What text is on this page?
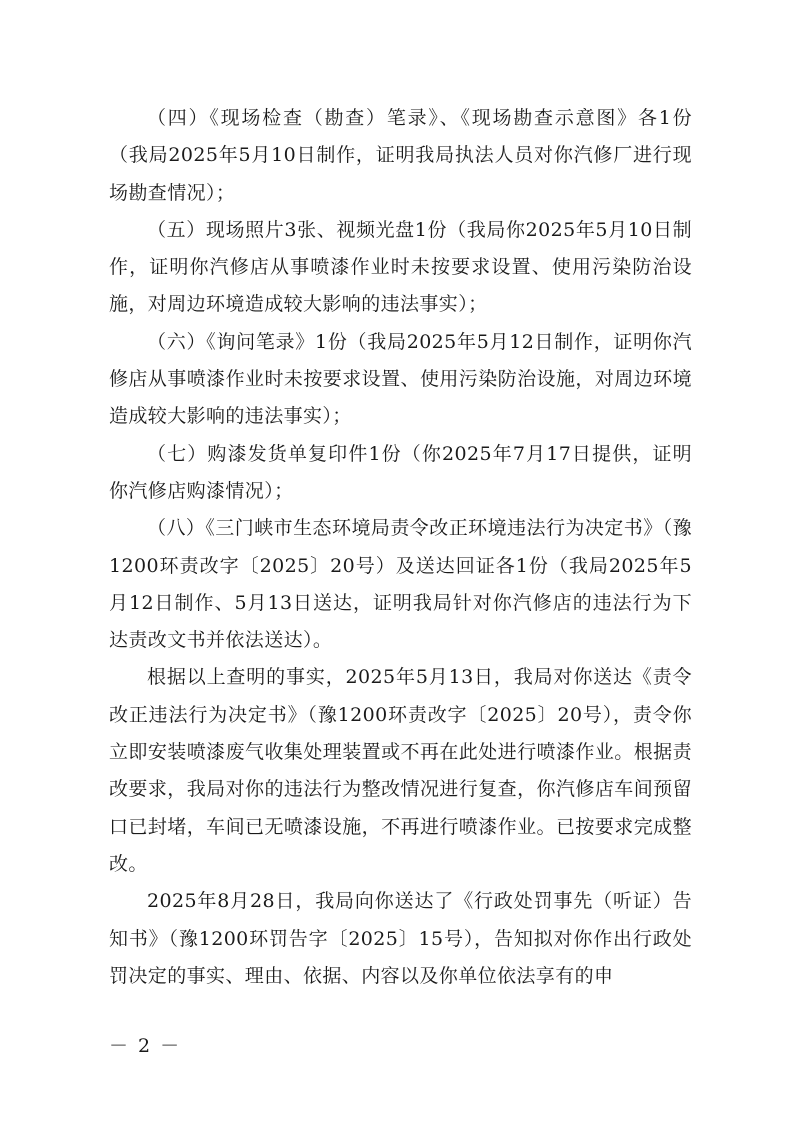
（四）《现场检查（勘查）笔录》、《现场勘查示意图》各1份（我局2025年5月10日制作，证明我局执法人员对你汽修厂进行现场勘查情况）；

（五）现场照片3张、视频光盘1份（我局你2025年5月10日制作，证明你汽修店从事喷漆作业时未按要求设置、使用污染防治设施，对周边环境造成较大影响的违法事实）；

（六）《询问笔录》1份（我局2025年5月12日制作，证明你汽修店从事喷漆作业时未按要求设置、使用污染防治设施，对周边环境造成较大影响的违法事实）；

（七）购漆发货单复印件1份（你2025年7月17日提供，证明你汽修店购漆情况）；

（八）《三门峡市生态环境局责令改正环境违法行为决定书》（豫1200环责改字〔2025〕20号）及送达回证各1份（我局2025年5月12日制作、5月13日送达，证明我局针对你汽修店的违法行为下达责改文书并依法送达）。

根据以上查明的事实，2025年5月13日，我局对你送达《责令改正违法行为决定书》（豫1200环责改字〔2025〕20号），责令你立即安装喷漆废气收集处理装置或不再在此处进行喷漆作业。根据责改要求，我局对你的违法行为整改情况进行复查，你汽修店车间预留口已封堵，车间已无喷漆设施，不再进行喷漆作业。已按要求完成整改。

2025年8月28日，我局向你送达了《行政处罚事先（听证）告知书》（豫1200环罚告字〔2025〕15号），告知拟对你作出行政处罚决定的事实、理由、依据、内容以及你单位依法享有的申

－ 2 －
